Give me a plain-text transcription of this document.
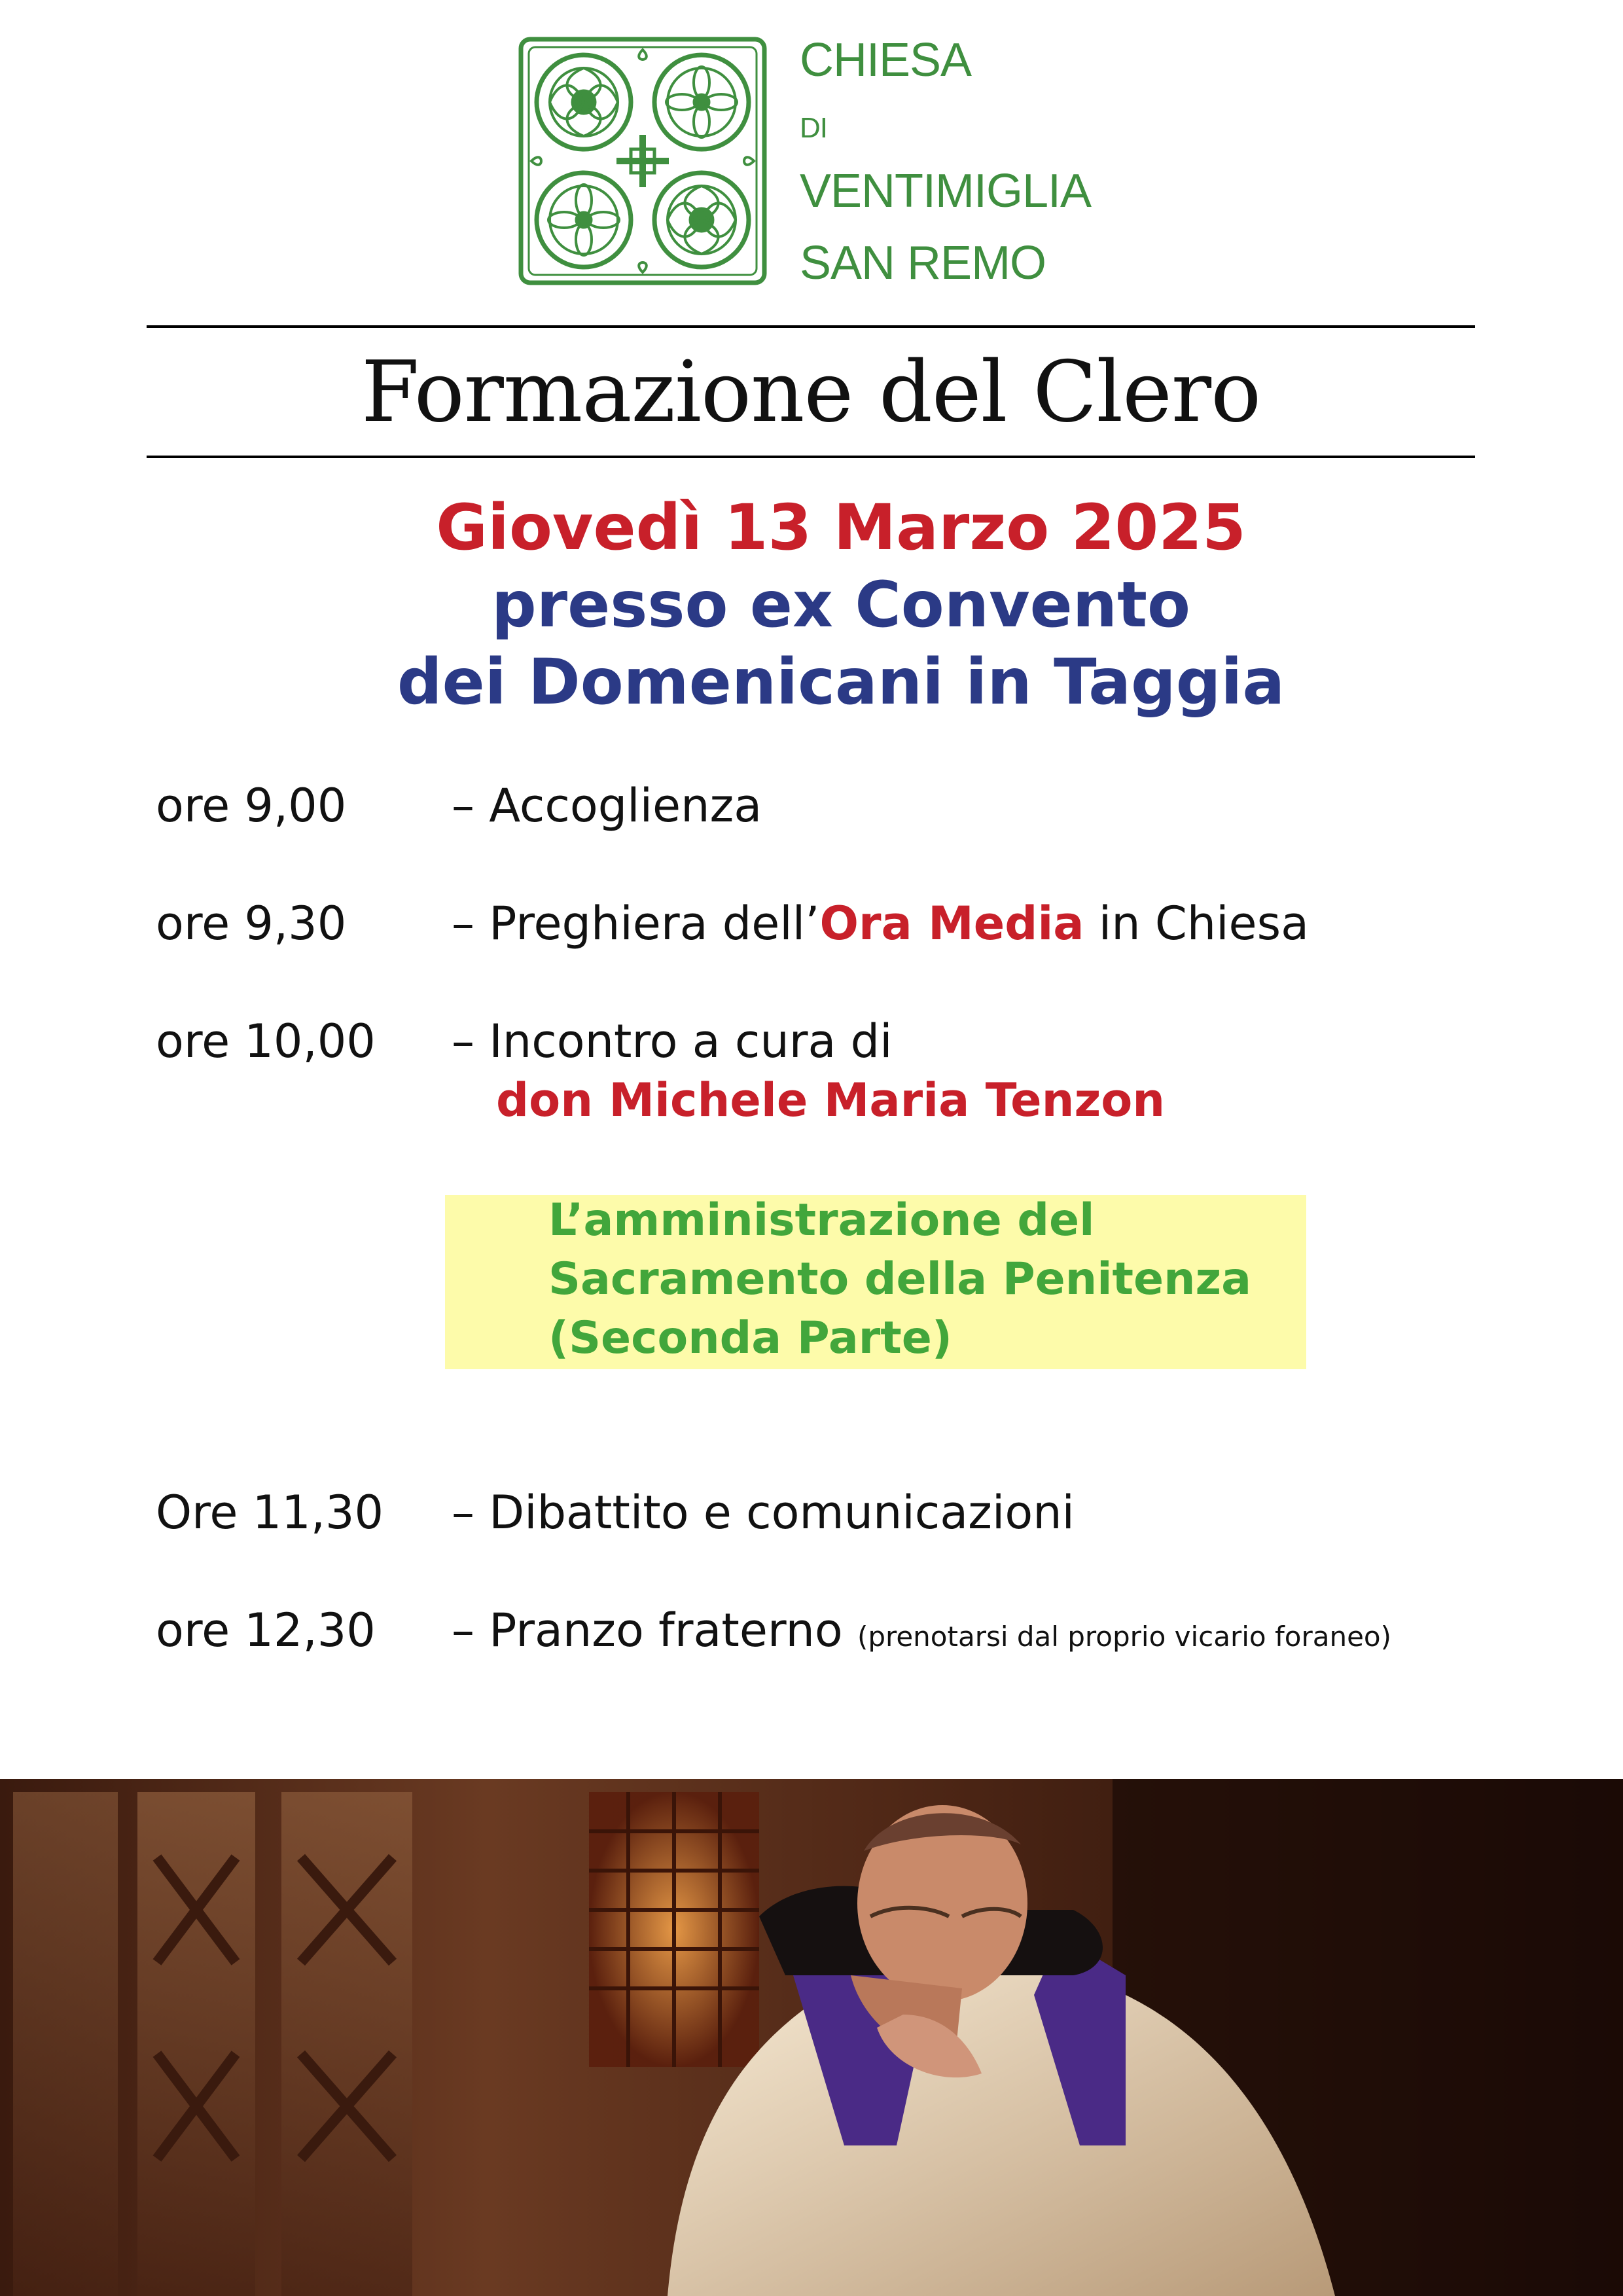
CHIESA
DI
VENTIMIGLIA
SAN REMO
Formazione del Clero
Giovedì 13 Marzo 2025
presso ex Convento
dei Domenicani in Taggia
ore 9,00 – Accoglienza
ore 9,30 – Preghiera dell’Ora Media in Chiesa
ore 10,00 – Incontro a cura di
don Michele Maria Tenzon
L’amministrazione del
Sacramento della Penitenza
(Seconda Parte)
Ore 11,30 – Dibattito e comunicazioni
ore 12,30 – Pranzo fraterno (prenotarsi dal proprio vicario foraneo)
